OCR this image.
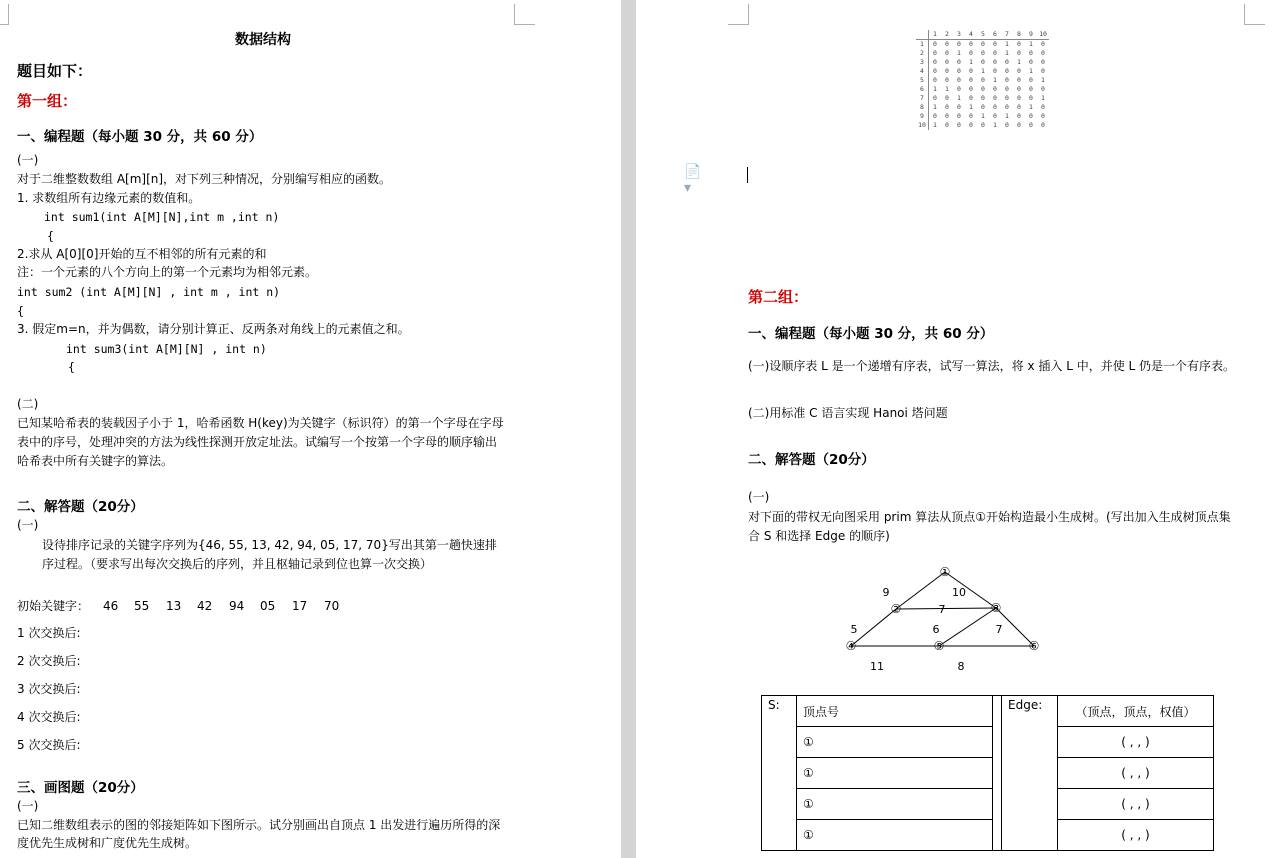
数据结构
题目如下：
第一组：
一、编程题（每小题 30 分，共 60 分）
(一)
对于二维整数数组 A[m][n]，对下列三种情况，分别编写相应的函数。
1. 求数组所有边缘元素的数值和。
int sum1(int A[M][N],int m ,int n)
{
2.求从 A[0][0]开始的互不相邻的所有元素的和
注：一个元素的八个方向上的第一个元素均为相邻元素。
int sum2 (int A[M][N] , int m , int n)
{
3. 假定m=n，并为偶数，请分别计算正、反两条对角线上的元素值之和。
int sum3(int A[M][N] , int n)
{
(二)
已知某哈希表的装载因子小于 1，哈希函数 H(key)为关键字（标识符）的第一个字母在字母
表中的序号，处理冲突的方法为线性探测开放定址法。试编写一个按第一个字母的顺序输出
哈希表中所有关键字的算法。
二、解答题（20分）
(一)
设待排序记录的关键字序列为{46, 55, 13, 42, 94, 05, 17, 70}写出其第一趟快速排
序过程。（要求写出每次交换后的序列，并且枢轴记录到位也算一次交换）
初始关键字： 46 55 13 42 94 05 17 70
1 次交换后:
2 次交换后:
3 次交换后:
4 次交换后:
5 次交换后:
三、画图题（20分）
(一)
已知二维数组表示的图的邻接矩阵如下图所示。试分别画出自顶点 1 出发进行遍历所得的深
度优先生成树和广度优先生成树。
	1	2	3	4	5	6	7	8	9	10
1	0	0	0	0	0	0	1	0	1	0
2	0	0	1	0	0	0	1	0	0	0
3	0	0	0	1	0	0	0	1	0	0
4	0	0	0	0	1	0	0	0	1	0
5	0	0	0	0	0	1	0	0	0	1
6	1	1	0	0	0	0	0	0	0	0
7	0	0	1	0	0	0	0	0	0	1
8	1	0	0	1	0	0	0	0	1	0
9	0	0	0	0	1	0	1	0	0	0
10	1	0	0	0	0	1	0	0	0	0
📄▾
第二组：
一、编程题（每小题 30 分，共 60 分）
(一)设顺序表 L 是一个递增有序表，试写一算法，将 x 插入 L 中，并使 L 仍是一个有序表。
(二)用标准 C 语言实现 Hanoi 塔问题
二、解答题（20分）
(一)
对下面的带权无向图采用 prim 算法从顶点①开始构造最小生成树。(写出加入生成树顶点集
合 S 和选择 Edge 的顺序)
①
②	③
④	⑤	⑥
9	10
7
5	6	7
11	8
S:	顶点号		Edge:	（顶点，顶点，权值）
	①			( , , )
	①			( , , )
	①			( , , )
	①			( , , )
